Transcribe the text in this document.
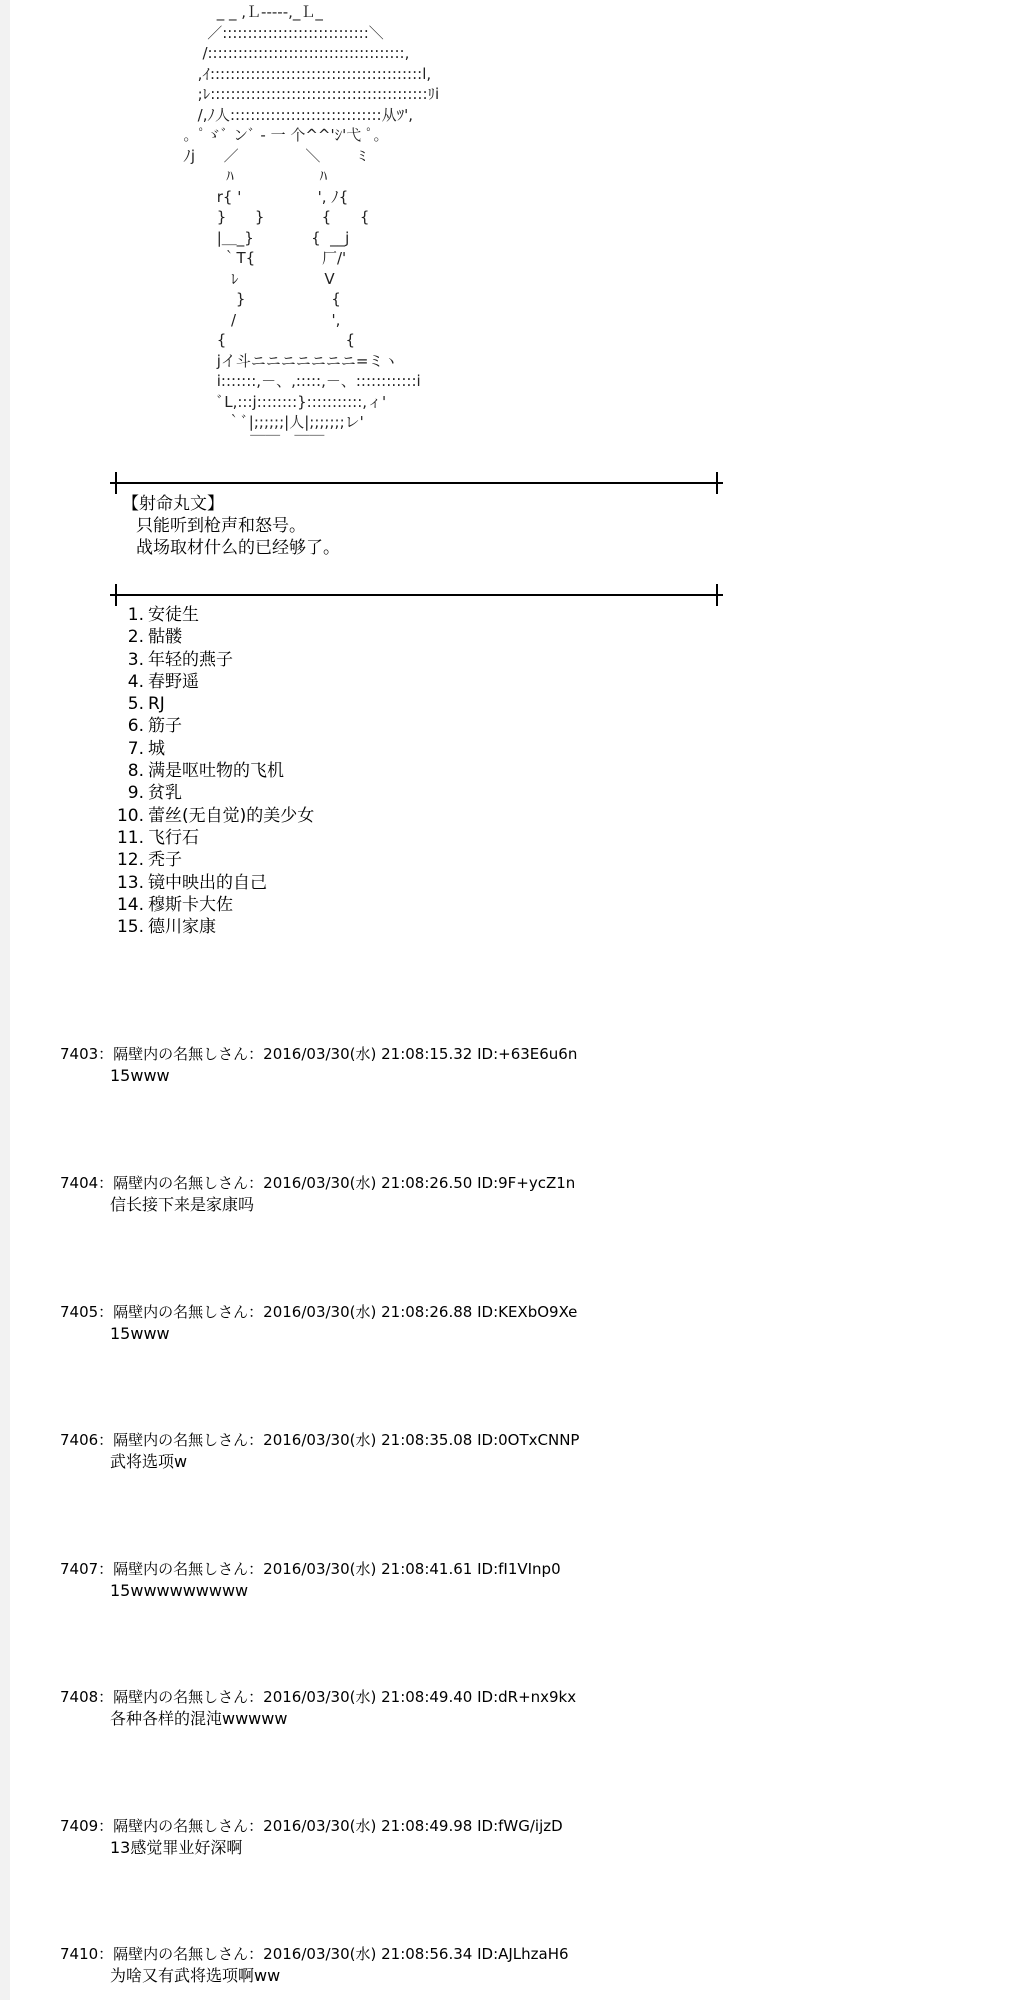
_ _ ,Ｌ-‐‐‐‐,_Ｌ_
／:::::::::::::::::::::::::::::＼
/:::::::::::::::::::::::::::::::::::::::,
,ｲ::::::::::::::::::::::::::::::::::::::::::l,
;ﾚ:::::::::::::::::::::::::::::::::::::::::::ﾘi
/,ﾉ人::::::::::::::::::::::::::::::从ﾂ',
。ﾟゞﾞ ンﾞ ‐ 一 个^^'ｼ'弋 ﾟ｡
ﾉj      ／              ＼        ﾐ
ﾊ                  ﾊ
r{ '                ', ﾉ{
}      }            {      {
|＿_}            {  __j
｀T{              厂/'
ﾚ                  V
}                  {
/                    ',
{                         {
jイ斗ニニニニニニニ=ミヽ
i:::::::,－、,:::::,－、::::::::::::i
ﾞL,:::j::::::::}:::::::::::,ィ'
｀ﾞ|;;;;;;|人|;;;;;;;レ'
￣￣   ￣￣
【射命丸文】
只能听到枪声和怒号。
战场取材什么的已经够了。
1. 安徒生
2. 骷髅
3. 年轻的燕子
4. 春野遥
5. RJ
6. 筋子
7. 城
8. 满是呕吐物的飞机
9. 贫乳
10. 蕾丝(无自觉)的美少女
11. 飞行石
12. 秃子
13. 镜中映出的自己
14. 穆斯卡大佐
15. 德川家康
7403：隔壁内の名無しさん：2016/03/30(水) 21:08:15.32 ID:+63E6u6n
15www
7404：隔壁内の名無しさん：2016/03/30(水) 21:08:26.50 ID:9F+ycZ1n
信长接下来是家康吗
7405：隔壁内の名無しさん：2016/03/30(水) 21:08:26.88 ID:KEXbO9Xe
15www
7406：隔壁内の名無しさん：2016/03/30(水) 21:08:35.08 ID:0OTxCNNP
武将选项w
7407：隔壁内の名無しさん：2016/03/30(水) 21:08:41.61 ID:fI1VInp0
15wwwwwwwww
7408：隔壁内の名無しさん：2016/03/30(水) 21:08:49.40 ID:dR+nx9kx
各种各样的混沌wwwww
7409：隔壁内の名無しさん：2016/03/30(水) 21:08:49.98 ID:fWG/ijzD
13感觉罪业好深啊
7410：隔壁内の名無しさん：2016/03/30(水) 21:08:56.34 ID:AJLhzaH6
为啥又有武将选项啊ww
